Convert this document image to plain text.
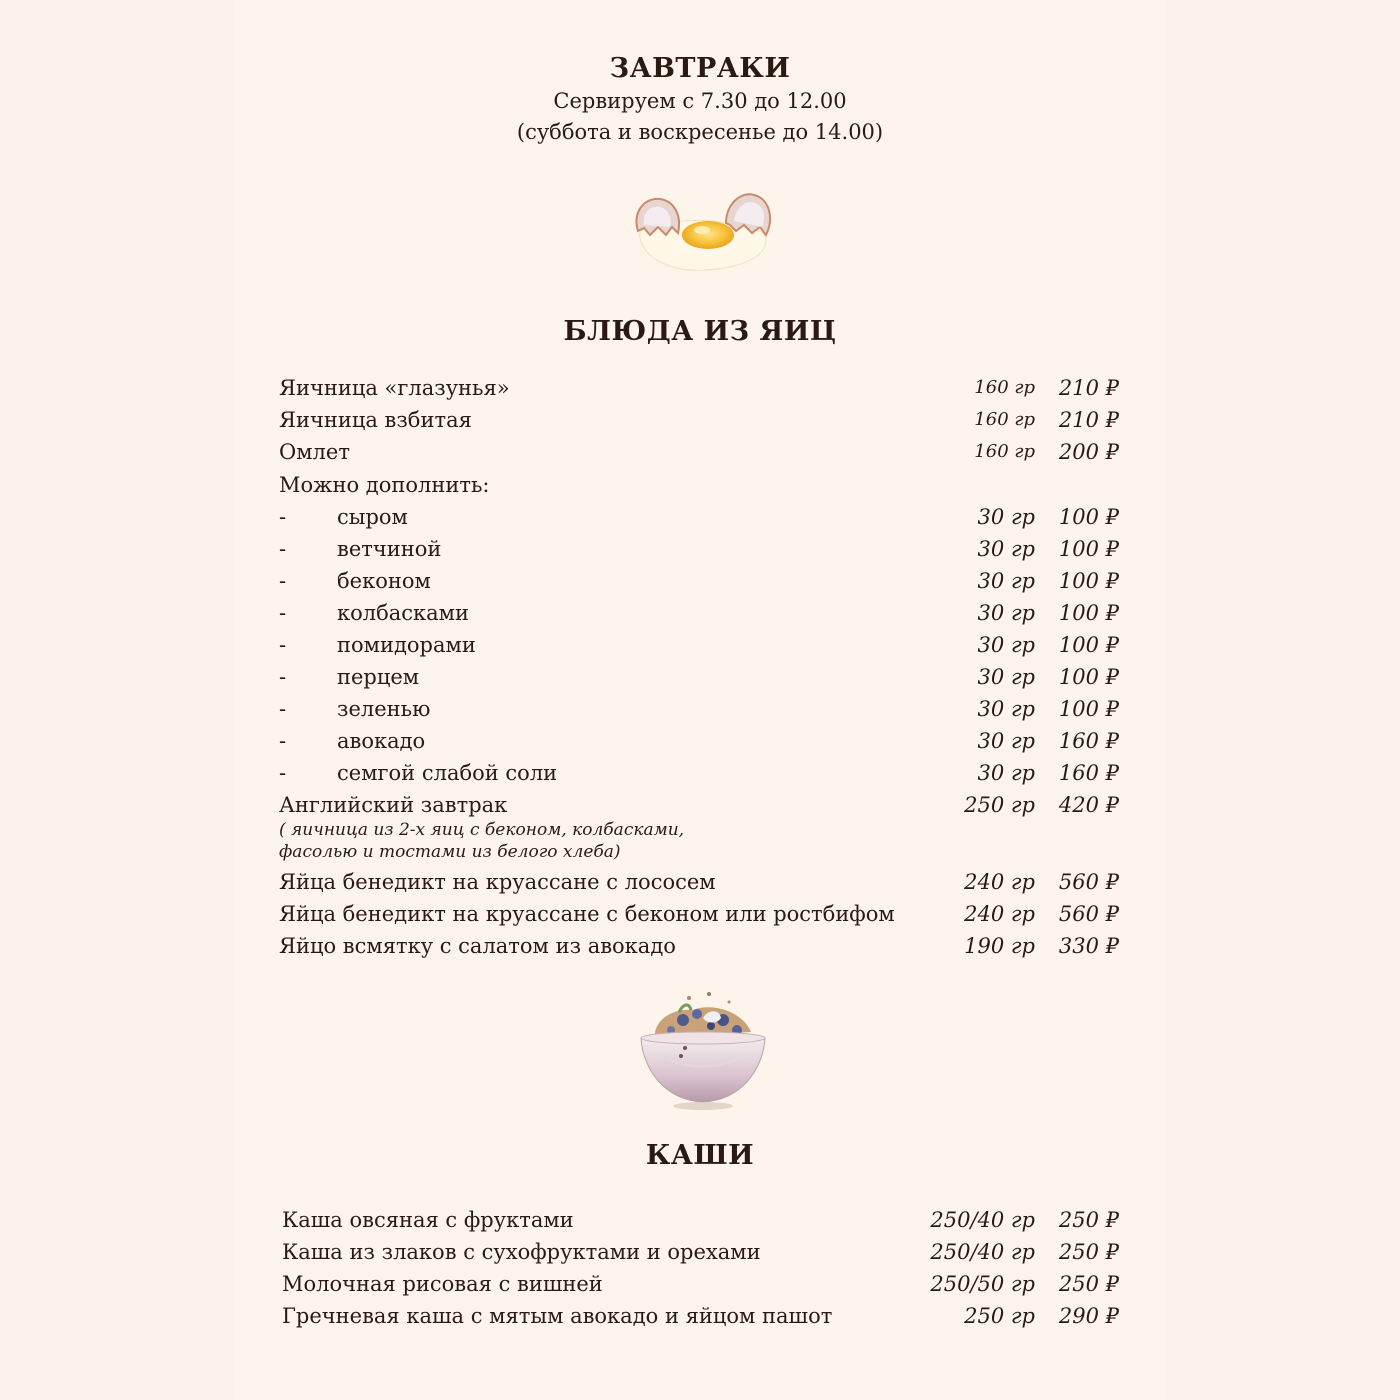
ЗАВТРАКИ

Сервируем с 7.30 до 12.00

(суббота и воскресенье до 14.00)

БЛЮДА ИЗ ЯИЦ
Яичница «глазунья»	160 гр 210 ₽
Яичница взбитая	160 гр 210 ₽
Омлет	160 гр 200 ₽
Можно дополнить:
- сыром	30 гр 100 ₽
- ветчиной	30 гр 100 ₽
- беконом	30 гр 100 ₽
- колбасками	30 гр 100 ₽
- помидорами	30 гр 100 ₽
- перцем	30 гр 100 ₽
- зеленью	30 гр 100 ₽
- авокадо	30 гр 160 ₽
- семгой слабой соли	30 гр 160 ₽
Английский завтрак	250 гр 420 ₽
( яичница из 2-х яиц с беконом, колбасками,
фасолью и тостами из белого хлеба)
Яйца бенедикт на круассане с лососем	240 гр 560 ₽
Яйца бенедикт на круассане с беконом или ростбифом	240 гр 560 ₽
Яйцо всмятку с салатом из авокадо	190 гр 330 ₽
КАШИ
Каша овсяная с фруктами	250/40 гр 250 ₽
Каша из злаков с сухофруктами и орехами	250/40 гр 250 ₽
Молочная рисовая с вишней	250/50 гр 250 ₽
Гречневая каша с мятым авокадо и яйцом пашот	250 гр 290 ₽
